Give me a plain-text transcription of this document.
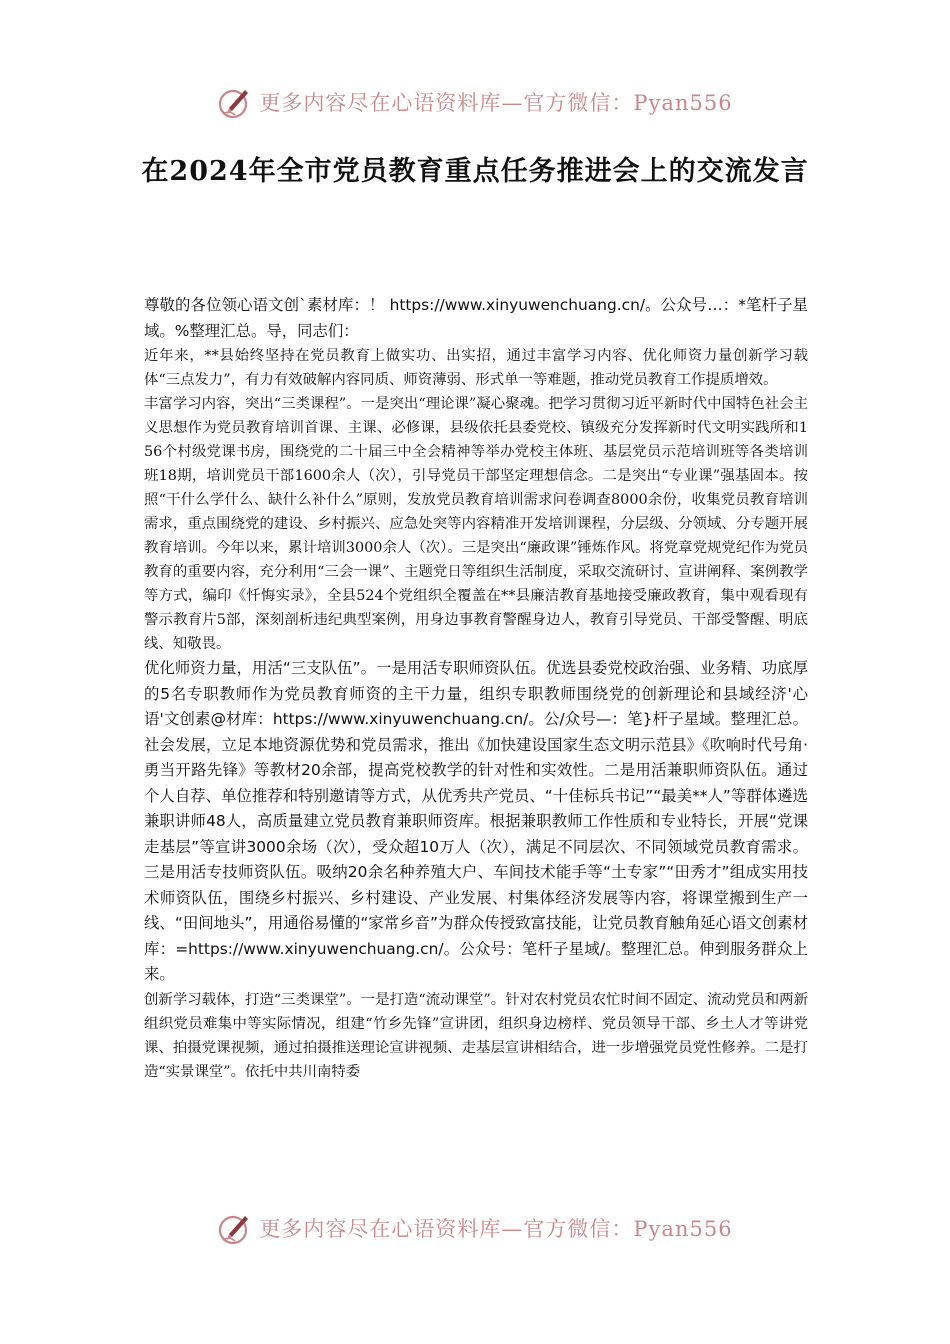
更多内容尽在心语资料库—官方微信：Pyan556
在2024年全市党员教育重点任务推进会上的交流发言

尊敬的各位领心语文创`素材库：！ https://www.xinyuwenchuang.cn/。公众号…：*笔杆子星域。%整理汇总。导，同志们：

近年来，**县始终坚持在党员教育上做实功、出实招，通过丰富学习内容、优化师资力量创新学习载体“三点发力”，有力有效破解内容同质、师资薄弱、形式单一等难题，推动党员教育工作提质增效。

丰富学习内容，突出“三类课程”。一是突出“理论课”凝心聚魂。把学习贯彻习近平新时代中国特色社会主义思想作为党员教育培训首课、主课、必修课，县级依托县委党校、镇级充分发挥新时代文明实践所和156个村级党课书房，围绕党的二十届三中全会精神等举办党校主体班、基层党员示范培训班等各类培训班18期，培训党员干部1600余人（次），引导党员干部坚定理想信念。二是突出“专业课”强基固本。按照“干什么学什么、缺什么补什么”原则，发放党员教育培训需求问卷调查8000余份，收集党员教育培训需求，重点围绕党的建设、乡村振兴、应急处突等内容精准开发培训课程，分层级、分领域、分专题开展教育培训。今年以来，累计培训3000余人（次）。三是突出“廉政课”锤炼作风。将党章党规党纪作为党员教育的重要内容，充分利用“三会一课”、主题党日等组织生活制度，采取交流研讨、宣讲阐释、案例教学等方式，编印《忏悔实录》，全县524个党组织全覆盖在**县廉洁教育基地接受廉政教育，集中观看现有警示教育片5部，深刻剖析违纪典型案例，用身边事教育警醒身边人，教育引导党员、干部受警醒、明底线、知敬畏。

优化师资力量，用活“三支队伍”。一是用活专职师资队伍。优选县委党校政治强、业务精、功底厚的5名专职教师作为党员教育师资的主干力量，组织专职教师围绕党的创新理论和县域经济'心语'文创素@材库：https://www.xinyuwenchuang.cn/。公/众号—：笔}杆子星域。整理汇总。社会发展，立足本地资源优势和党员需求，推出《加快建设国家生态文明示范县》《吹响时代号角·勇当开路先锋》等教材20余部，提高党校教学的针对性和实效性。二是用活兼职师资队伍。通过个人自荐、单位推荐和特别邀请等方式，从优秀共产党员、“十佳标兵书记”“最美**人”等群体遴选兼职讲师48人，高质量建立党员教育兼职师资库。根据兼职教师工作性质和专业特长，开展“党课走基层”等宣讲3000余场（次），受众超10万人（次），满足不同层次、不同领域党员教育需求。三是用活专技师资队伍。吸纳20余名种养殖大户、车间技术能手等“土专家”“田秀才”组成实用技术师资队伍，围绕乡村振兴、乡村建设、产业发展、村集体经济发展等内容，将课堂搬到生产一线、“田间地头”，用通俗易懂的“家常乡音”为群众传授致富技能，让党员教育触角延心语文创素材库：=https://www.xinyuwenchuang.cn/。公众号：笔杆子星域/。整理汇总。伸到服务群众上来。

创新学习载体，打造“三类课堂”。一是打造“流动课堂”。针对农村党员农忙时间不固定、流动党员和两新组织党员难集中等实际情况，组建“竹乡先锋”宣讲团，组织身边榜样、党员领导干部、乡土人才等讲党课、拍摄党课视频，通过拍摄推送理论宣讲视频、走基层宣讲相结合，进一步增强党员党性修养。二是打造“实景课堂”。依托中共川南特委

更多内容尽在心语资料库—官方微信：Pyan556
